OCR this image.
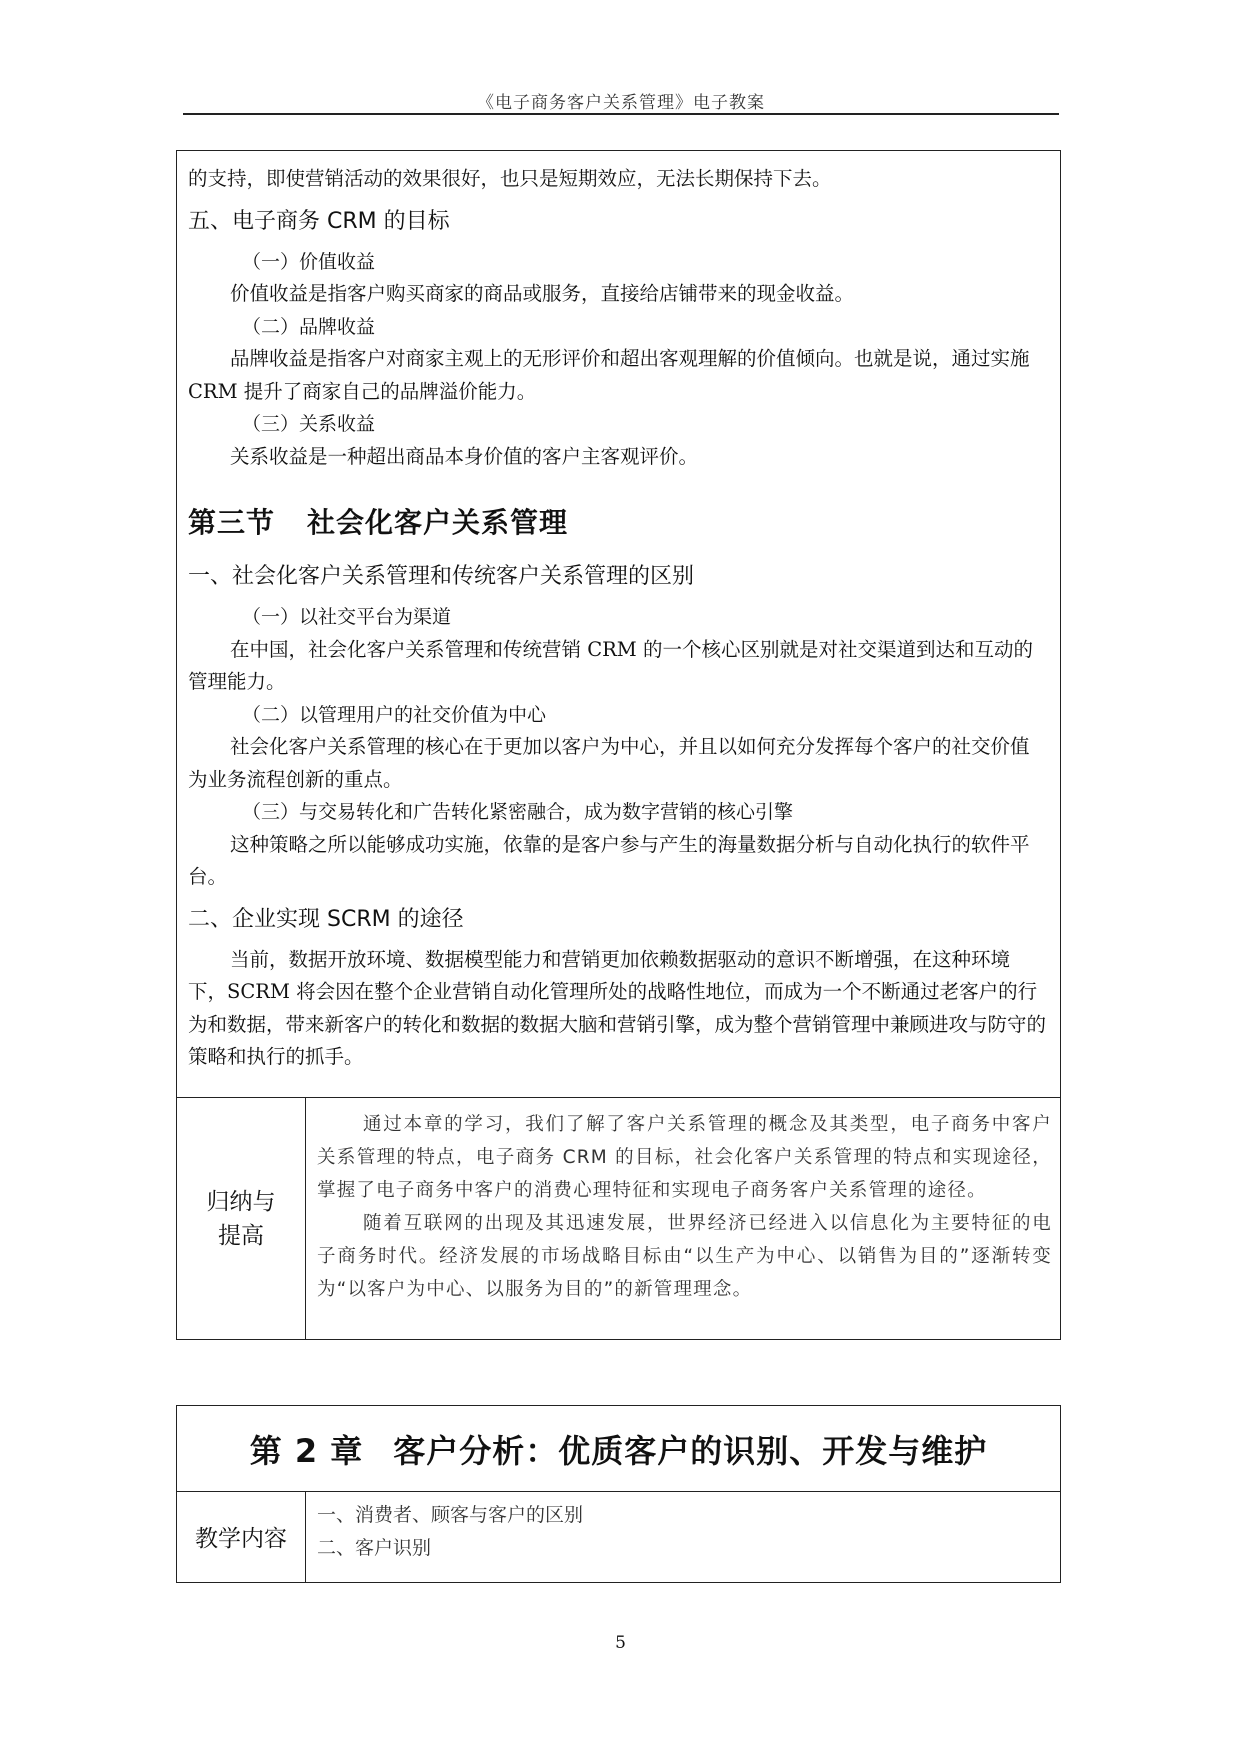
《电子商务客户关系管理》电子教案

的支持，即使营销活动的效果很好，也只是短期效应，无法长期保持下去。

五、电子商务 CRM 的目标

（一）价值收益

价值收益是指客户购买商家的商品或服务，直接给店铺带来的现金收益。

（二）品牌收益

品牌收益是指客户对商家主观上的无形评价和超出客观理解的价值倾向。也就是说，通过实施 CRM 提升了商家自己的品牌溢价能力。

（三）关系收益

关系收益是一种超出商品本身价值的客户主客观评价。

第三节 社会化客户关系管理
一、社会化客户关系管理和传统客户关系管理的区别

（一）以社交平台为渠道

在中国，社会化客户关系管理和传统营销 CRM 的一个核心区别就是对社交渠道到达和互动的管理能力。

（二）以管理用户的社交价值为中心

社会化客户关系管理的核心在于更加以客户为中心，并且以如何充分发挥每个客户的社交价值为业务流程创新的重点。

（三）与交易转化和广告转化紧密融合，成为数字营销的核心引擎

这种策略之所以能够成功实施，依靠的是客户参与产生的海量数据分析与自动化执行的软件平台。

二、企业实现 SCRM 的途径

当前，数据开放环境、数据模型能力和营销更加依赖数据驱动的意识不断增强，在这种环境下，SCRM 将会因在整个企业营销自动化管理所处的战略性地位，而成为一个不断通过老客户的行为和数据，带来新客户的转化和数据的数据大脑和营销引擎，成为整个营销管理中兼顾进攻与防守的策略和执行的抓手。

归纳与
提高

通过本章的学习，我们了解了客户关系管理的概念及其类型，电子商务中客户关系管理的特点，电子商务 CRM 的目标，社会化客户关系管理的特点和实现途径，掌握了电子商务中客户的消费心理特征和实现电子商务客户关系管理的途径。

随着互联网的出现及其迅速发展，世界经济已经进入以信息化为主要特征的电子商务时代。经济发展的市场战略目标由“以生产为中心、以销售为目的”逐渐转变为“以客户为中心、以服务为目的”的新管理理念。

第 2 章 客户分析：优质客户的识别、开发与维护
教学内容
一、消费者、顾客与客户的区别
二、客户识别
5
